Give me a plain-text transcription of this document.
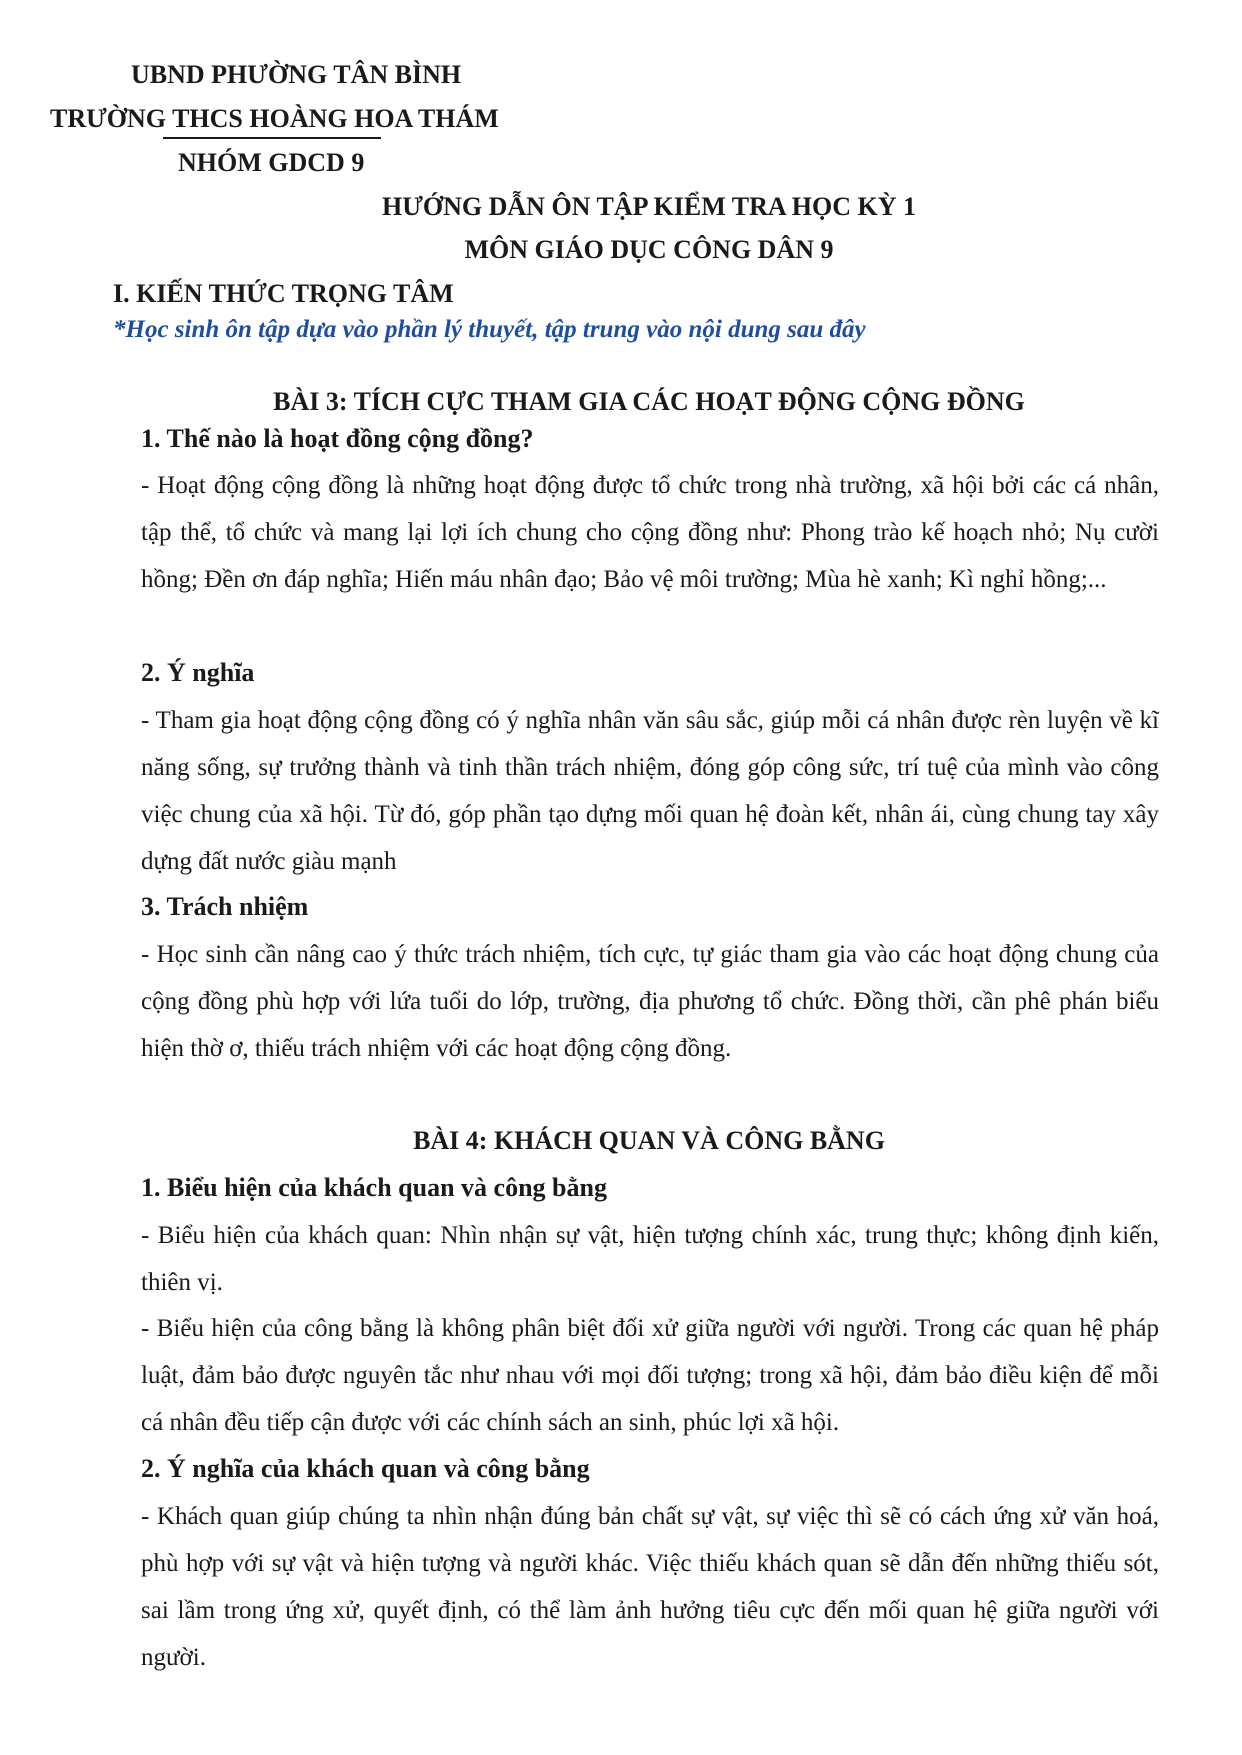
UBND PHƯỜNG TÂN BÌNH
TRƯỜNG THCS HOÀNG HOA THÁM
NHÓM GDCD 9
HƯỚNG DẪN ÔN TẬP KIỂM TRA HỌC KỲ 1
MÔN GIÁO DỤC CÔNG DÂN 9
I. KIẾN THỨC TRỌNG TÂM
*Học sinh ôn tập dựa vào phần lý thuyết, tập trung vào nội dung sau đây
BÀI 3: TÍCH CỰC THAM GIA CÁC HOẠT ĐỘNG CỘNG ĐỒNG
1. Thế nào là hoạt đồng cộng đồng?
- Hoạt động cộng đồng là những hoạt động được tổ chức trong nhà trường, xã hội bởi các cá nhân, tập thể, tổ chức và mang lại lợi ích chung cho cộng đồng như: Phong trào kế hoạch nhỏ; Nụ cười hồng; Đền ơn đáp nghĩa; Hiến máu nhân đạo; Bảo vệ môi trường; Mùa hè xanh; Kì nghỉ hồng;...
2. Ý nghĩa
- Tham gia hoạt động cộng đồng có ý nghĩa nhân văn sâu sắc, giúp mỗi cá nhân được rèn luyện về kĩ năng sống, sự trưởng thành và tinh thần trách nhiệm, đóng góp công sức, trí tuệ của mình vào công việc chung của xã hội. Từ đó, góp phần tạo dựng mối quan hệ đoàn kết, nhân ái, cùng chung tay xây dựng đất nước giàu mạnh
3. Trách nhiệm
- Học sinh cần nâng cao ý thức trách nhiệm, tích cực, tự giác tham gia vào các hoạt động chung của cộng đồng phù hợp với lứa tuổi do lớp, trường, địa phương tổ chức. Đồng thời, cần phê phán biểu hiện thờ ơ, thiếu trách nhiệm với các hoạt động cộng đồng.
BÀI 4: KHÁCH QUAN VÀ CÔNG BẰNG
1. Biểu hiện của khách quan và công bằng
- Biểu hiện của khách quan: Nhìn nhận sự vật, hiện tượng chính xác, trung thực; không định kiến, thiên vị.
- Biểu hiện của công bằng là không phân biệt đối xử giữa người với người. Trong các quan hệ pháp luật, đảm bảo được nguyên tắc như nhau với mọi đối tượng; trong xã hội, đảm bảo điều kiện để mỗi cá nhân đều tiếp cận được với các chính sách an sinh, phúc lợi xã hội.
2. Ý nghĩa của khách quan và công bằng
- Khách quan giúp chúng ta nhìn nhận đúng bản chất sự vật, sự việc thì sẽ có cách ứng xử văn hoá, phù hợp với sự vật và hiện tượng và người khác. Việc thiếu khách quan sẽ dẫn đến những thiếu sót, sai lầm trong ứng xử, quyết định, có thể làm ảnh hưởng tiêu cực đến mối quan hệ giữa người với người.
